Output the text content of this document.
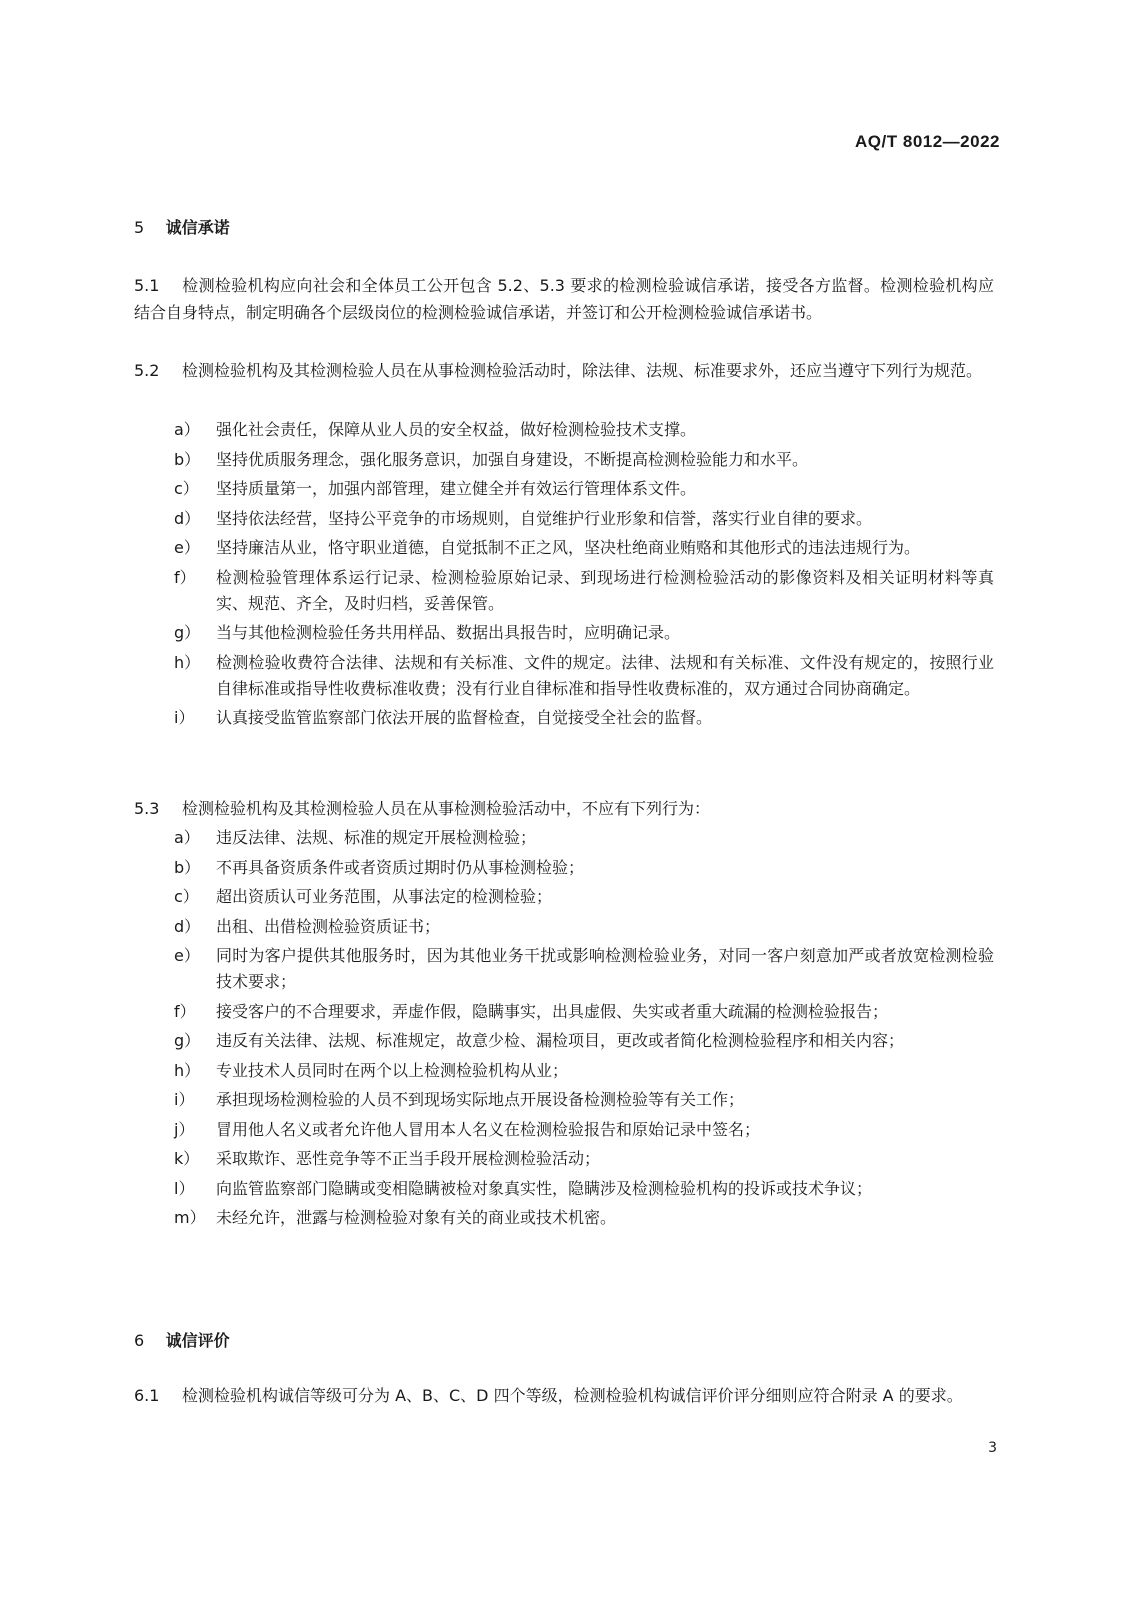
AQ/T 8012—2022
5 诚信承诺
5.1 检测检验机构应向社会和全体员工公开包含 5.2、5.3 要求的检测检验诚信承诺，接受各方监督。检测检验机构应结合自身特点，制定明确各个层级岗位的检测检验诚信承诺，并签订和公开检测检验诚信承诺书。
5.2 检测检验机构及其检测检验人员在从事检测检验活动时，除法律、法规、标准要求外，还应当遵守下列行为规范。
a）	强化社会责任，保障从业人员的安全权益，做好检测检验技术支撑。
b） 坚持优质服务理念，强化服务意识，加强自身建设，不断提高检测检验能力和水平。
c）	坚持质量第一，加强内部管理，建立健全并有效运行管理体系文件。
d） 坚持依法经营，坚持公平竞争的市场规则，自觉维护行业形象和信誉，落实行业自律的要求。
e）	坚持廉洁从业，恪守职业道德，自觉抵制不正之风，坚决杜绝商业贿赂和其他形式的违法违规行为。
f）	检测检验管理体系运行记录、检测检验原始记录、到现场进行检测检验活动的影像资料及相关证明材料等真实、规范、齐全，及时归档，妥善保管。
g） 当与其他检测检验任务共用样品、数据出具报告时，应明确记录。
h） 检测检验收费符合法律、法规和有关标准、文件的规定。法律、法规和有关标准、文件没有规定的，按照行业自律标准或指导性收费标准收费；没有行业自律标准和指导性收费标准的，双方通过合同协商确定。
i）	认真接受监管监察部门依法开展的监督检查，自觉接受全社会的监督。
5.3 检测检验机构及其检测检验人员在从事检测检验活动中，不应有下列行为：
a）	违反法律、法规、标准的规定开展检测检验；
b） 不再具备资质条件或者资质过期时仍从事检测检验；
c）	超出资质认可业务范围，从事法定的检测检验；
d） 出租、出借检测检验资质证书；
e）	同时为客户提供其他服务时，因为其他业务干扰或影响检测检验业务，对同一客户刻意加严或者放宽检测检验技术要求；
f）	接受客户的不合理要求，弄虚作假，隐瞒事实，出具虚假、失实或者重大疏漏的检测检验报告；
g） 违反有关法律、法规、标准规定，故意少检、漏检项目，更改或者简化检测检验程序和相关内容；
h） 专业技术人员同时在两个以上检测检验机构从业；
i）	承担现场检测检验的人员不到现场实际地点开展设备检测检验等有关工作；
j）	冒用他人名义或者允许他人冒用本人名义在检测检验报告和原始记录中签名；
k）	采取欺诈、恶性竞争等不正当手段开展检测检验活动；
l）	向监管监察部门隐瞒或变相隐瞒被检对象真实性，隐瞒涉及检测检验机构的投诉或技术争议；
m） 未经允许，泄露与检测检验对象有关的商业或技术机密。
6 诚信评价
6.1 检测检验机构诚信等级可分为 A、B、C、D 四个等级，检测检验机构诚信评价评分细则应符合附录 A 的要求。
3
